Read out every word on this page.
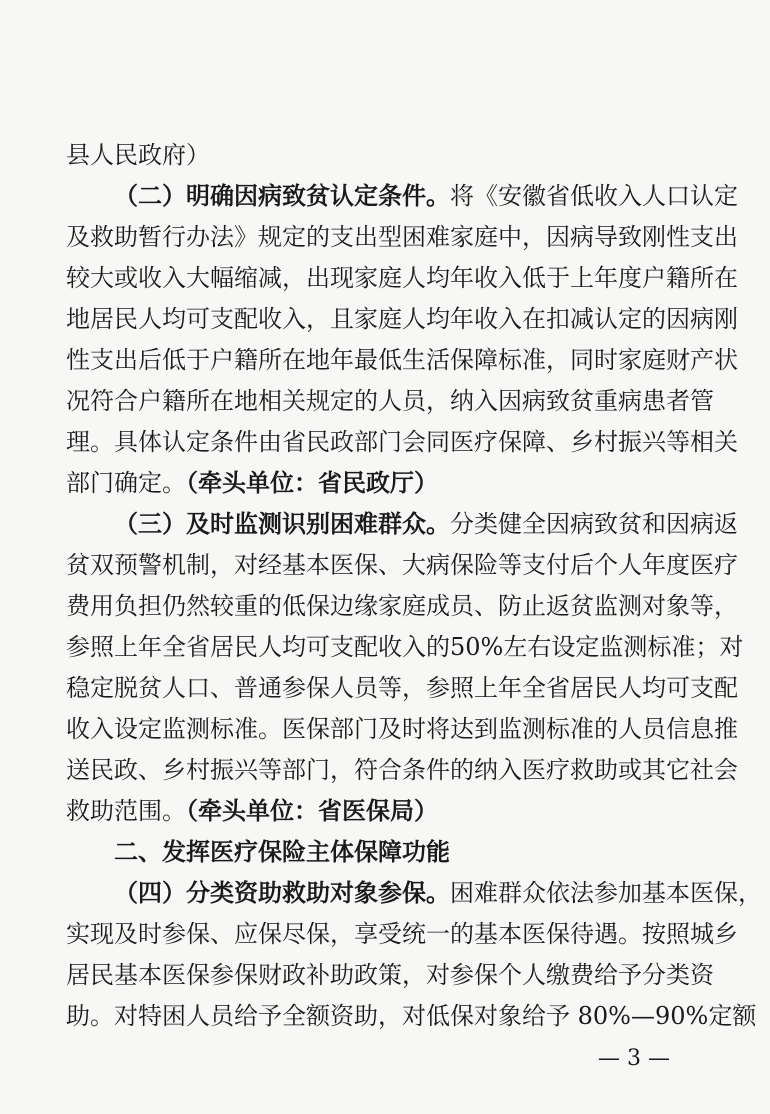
县人民政府）
（二）明确因病致贫认定条件。将《安徽省低收入人口认定
及救助暂行办法》规定的支出型困难家庭中，因病导致刚性支出
较大或收入大幅缩减，出现家庭人均年收入低于上年度户籍所在
地居民人均可支配收入，且家庭人均年收入在扣减认定的因病刚
性支出后低于户籍所在地年最低生活保障标准，同时家庭财产状
况符合户籍所在地相关规定的人员，纳入因病致贫重病患者管
理。具体认定条件由省民政部门会同医疗保障、乡村振兴等相关
部门确定。（牵头单位：省民政厅）
（三）及时监测识别困难群众。分类健全因病致贫和因病返
贫双预警机制，对经基本医保、大病保险等支付后个人年度医疗
费用负担仍然较重的低保边缘家庭成员、防止返贫监测对象等，
参照上年全省居民人均可支配收入的50%左右设定监测标准；对
稳定脱贫人口、普通参保人员等，参照上年全省居民人均可支配
收入设定监测标准。医保部门及时将达到监测标准的人员信息推
送民政、乡村振兴等部门，符合条件的纳入医疗救助或其它社会
救助范围。（牵头单位：省医保局）
二、发挥医疗保险主体保障功能
（四）分类资助救助对象参保。困难群众依法参加基本医保，
实现及时参保、应保尽保，享受统一的基本医保待遇。按照城乡
居民基本医保参保财政补助政策，对参保个人缴费给予分类资
助。对特困人员给予全额资助，对低保对象给予 80%—90%定额
— 3 —
